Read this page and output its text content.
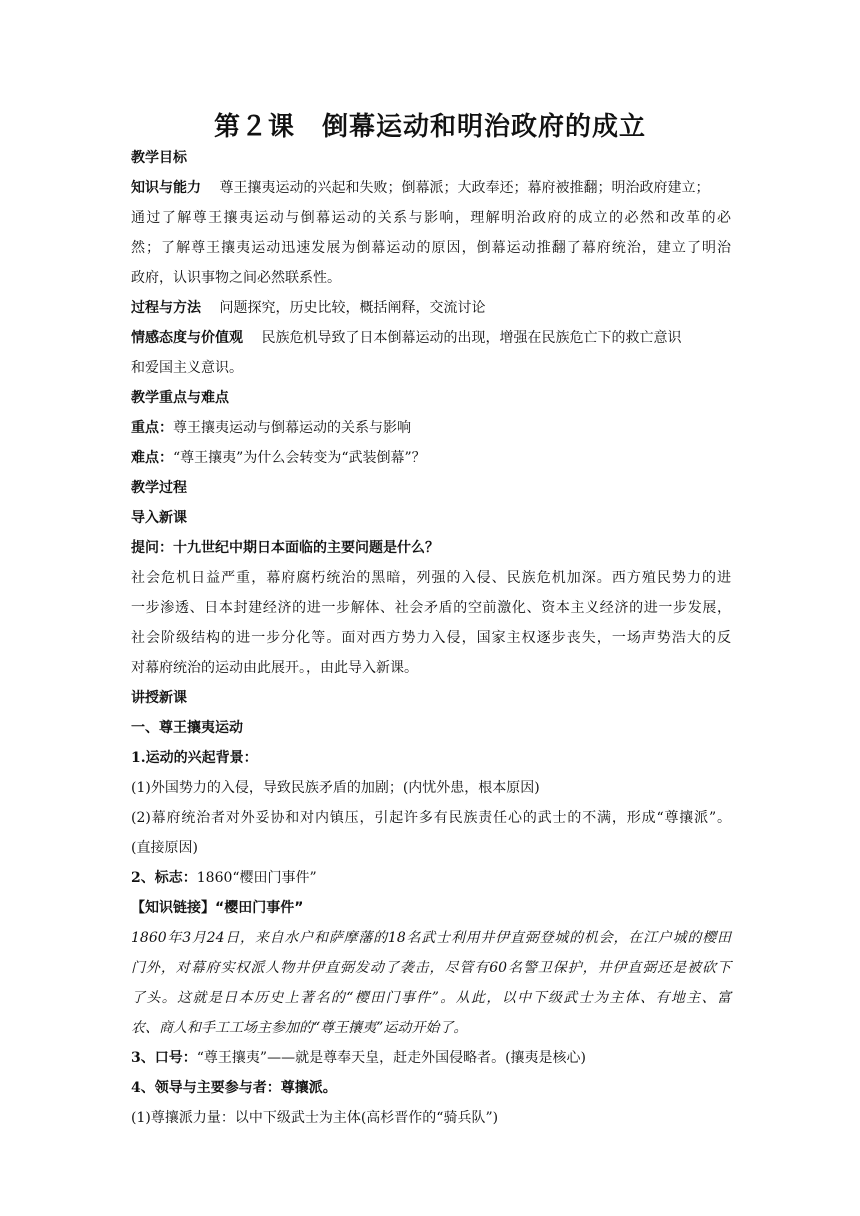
第２课　倒幕运动和明治政府的成立
教学目标
知识与能力 尊王攘夷运动的兴起和失败；倒幕派；大政奉还；幕府被推翻；明治政府建立；
通过了解尊王攘夷运动与倒幕运动的关系与影响，理解明治政府的成立的必然和改革的必
然；了解尊王攘夷运动迅速发展为倒幕运动的原因，倒幕运动推翻了幕府统治，建立了明治
政府，认识事物之间必然联系性。
过程与方法 问题探究，历史比较，概括阐释，交流讨论
情感态度与价值观 民族危机导致了日本倒幕运动的出现，增强在民族危亡下的救亡意识
和爱国主义意识。
教学重点与难点
重点：尊王攘夷运动与倒幕运动的关系与影响
难点：“尊王攘夷”为什么会转变为“武装倒幕”？
教学过程
导入新课
提问：十九世纪中期日本面临的主要问题是什么？
社会危机日益严重，幕府腐朽统治的黑暗，列强的入侵、民族危机加深。西方殖民势力的进
一步渗透、日本封建经济的进一步解体、社会矛盾的空前激化、资本主义经济的进一步发展，
社会阶级结构的进一步分化等。面对西方势力入侵，国家主权逐步丧失，一场声势浩大的反
对幕府统治的运动由此展开。，由此导入新课。
讲授新课
一、尊王攘夷运动
1.运动的兴起背景：
(1)外国势力的入侵，导致民族矛盾的加剧；(内忧外患，根本原因)
(2)幕府统治者对外妥协和对内镇压，引起许多有民族责任心的武士的不满，形成“尊攘派”。
(直接原因)
2、标志：1860“樱田门事件”
【知识链接】“樱田门事件”
1860年3月24日，来自水户和萨摩藩的18名武士利用井伊直弼登城的机会，在江户城的樱田
门外，对幕府实权派人物井伊直弼发动了袭击，尽管有60名警卫保护，井伊直弼还是被砍下
了头。这就是日本历史上著名的“樱田门事件”。从此，以中下级武士为主体、有地主、富
农、商人和手工工场主参加的“尊王攘夷”运动开始了。
3、口号：“尊王攘夷”——就是尊奉天皇，赶走外国侵略者。(攘夷是核心)
4、领导与主要参与者：尊攘派。
(1)尊攘派力量：以中下级武士为主体(高杉晋作的“骑兵队”)
